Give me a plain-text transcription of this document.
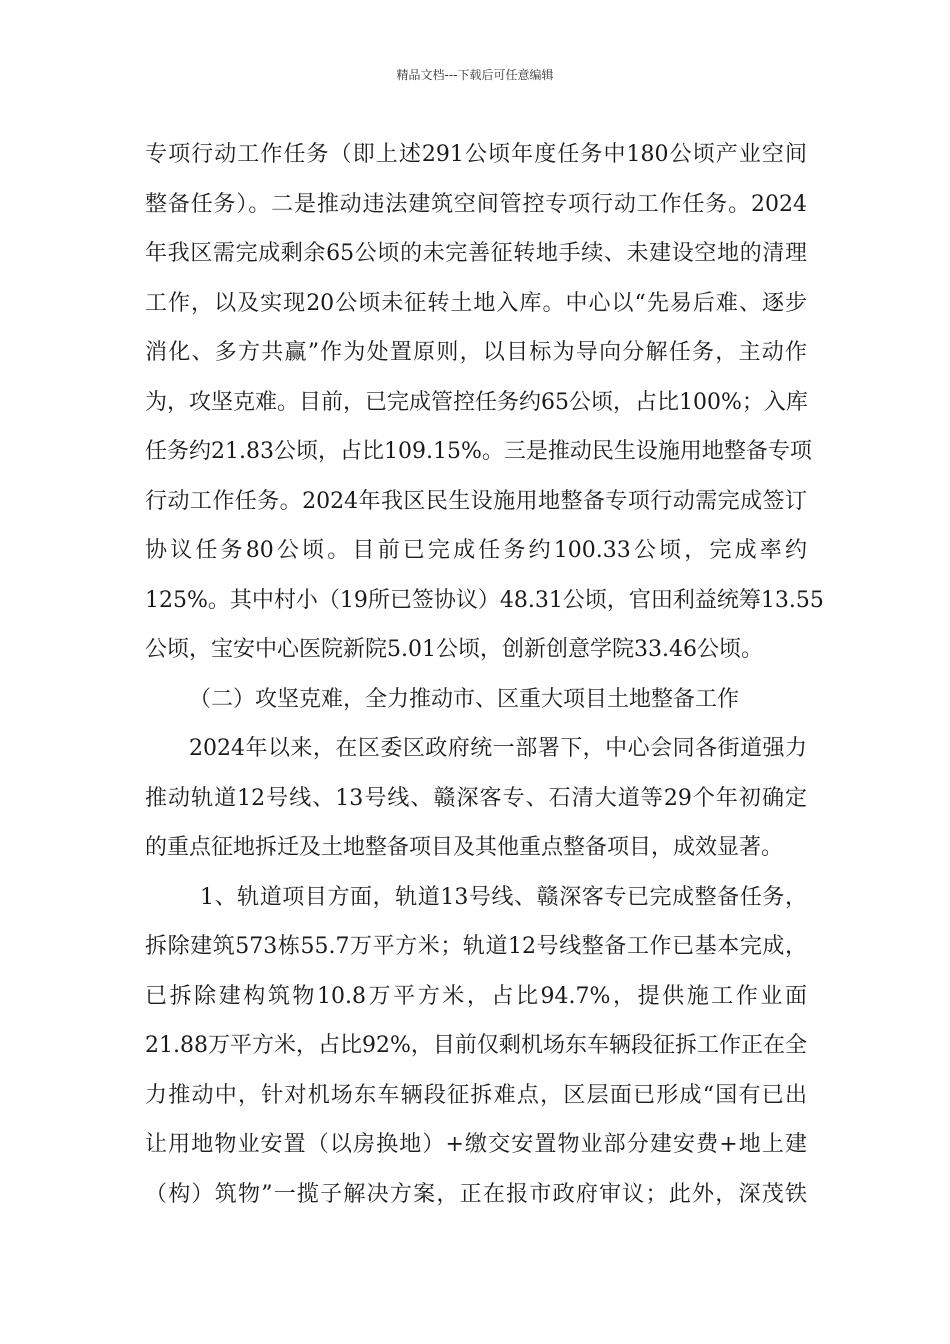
精品文档---下载后可任意编辑
专项行动工作任务（即上述291公顷年度任务中180公顷产业空间
整备任务）。二是推动违法建筑空间管控专项行动工作任务。2024
年我区需完成剩余65公顷的未完善征转地手续、未建设空地的清理
工作，以及实现20公顷未征转土地入库。中心以“先易后难、逐步
消化、多方共赢”作为处置原则，以目标为导向分解任务，主动作
为，攻坚克难。目前，已完成管控任务约65公顷，占比100%；入库
任务约21.83公顷，占比109.15%。三是推动民生设施用地整备专项
行动工作任务。2024年我区民生设施用地整备专项行动需完成签订
协议任务80公顷。目前已完成任务约100.33公顷，完成率约
125%。其中村小（19所已签协议）48.31公顷，官田利益统筹13.55
公顷，宝安中心医院新院5.01公顷，创新创意学院33.46公顷。
（二）攻坚克难，全力推动市、区重大项目土地整备工作
2024年以来，在区委区政府统一部署下，中心会同各街道强力
推动轨道12号线、13号线、赣深客专、石清大道等29个年初确定
的重点征地拆迁及土地整备项目及其他重点整备项目，成效显著。
1、轨道项目方面，轨道13号线、赣深客专已完成整备任务，
拆除建筑573栋55.7万平方米；轨道12号线整备工作已基本完成，
已拆除建构筑物10.8万平方米，占比94.7%，提供施工作业面
21.88万平方米，占比92%，目前仅剩机场东车辆段征拆工作正在全
力推动中，针对机场东车辆段征拆难点，区层面已形成“国有已出
让用地物业安置（以房换地）+缴交安置物业部分建安费+地上建
（构）筑物”一揽子解决方案，正在报市政府审议；此外，深茂铁
